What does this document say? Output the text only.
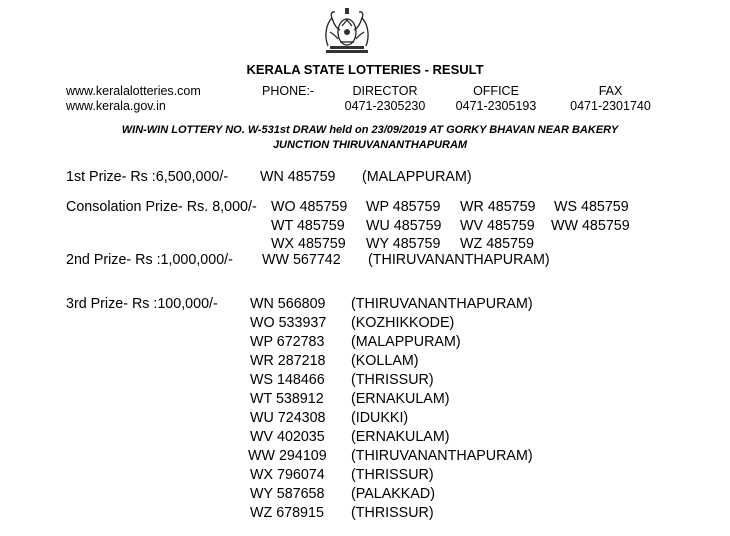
KERALA STATE LOTTERIES - RESULT
www.keralalotteries.com
www.kerala.gov.in
PHONE:-	DIRECTOR
0471-2305230
OFFICE
0471-2305193
FAX
0471-2301740
WIN-WIN LOTTERY NO. W-531st DRAW held on 23/09/2019 AT GORKY BHAVAN NEAR BAKERY
JUNCTION THIRUVANANTHAPURAM
1st Prize- Rs :6,500,000/- WN 485759 (MALAPPURAM)
Consolation Prize- Rs. 8,000/- WO 485759 WP 485759 WR 485759 WS 485759
WT 485759 WU 485759 WV 485759 WW 485759
WX 485759 WY 485759 WZ 485759
2nd Prize- Rs :1,000,000/- WW 567742 (THIRUVANANTHAPURAM)
3rd Prize- Rs :100,000/- WN 566809 (THIRUVANANTHAPURAM)
WO 533937 (KOZHIKKODE)
WP 672783 (MALAPPURAM)
WR 287218 (KOLLAM)
WS 148466 (THRISSUR)
WT 538912 (ERNAKULAM)
WU 724308 (IDUKKI)
WV 402035 (ERNAKULAM)
WW 294109 (THIRUVANANTHAPURAM)
WX 796074 (THRISSUR)
WY 587658 (PALAKKAD)
WZ 678915 (THRISSUR)
